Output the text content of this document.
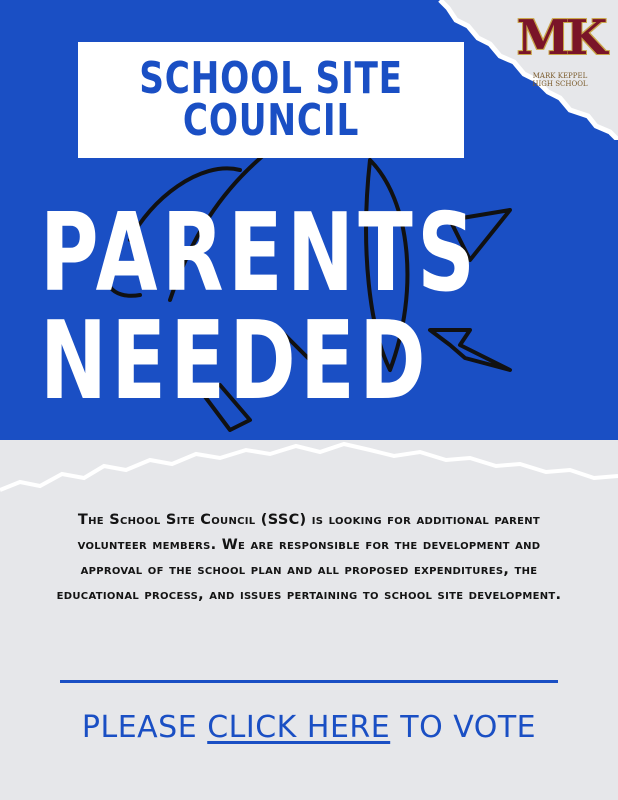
SCHOOL SITE
COUNCIL
MK
MARK KEPPEL
HIGH SCHOOL
PARENTS
NEEDED
The School Site Council (SSC) is looking for additional parent volunteer members. We are responsible for the development and approval of the school plan and all proposed expenditures, the educational process, and issues pertaining to school site development.
PLEASE CLICK HERE TO VOTE
